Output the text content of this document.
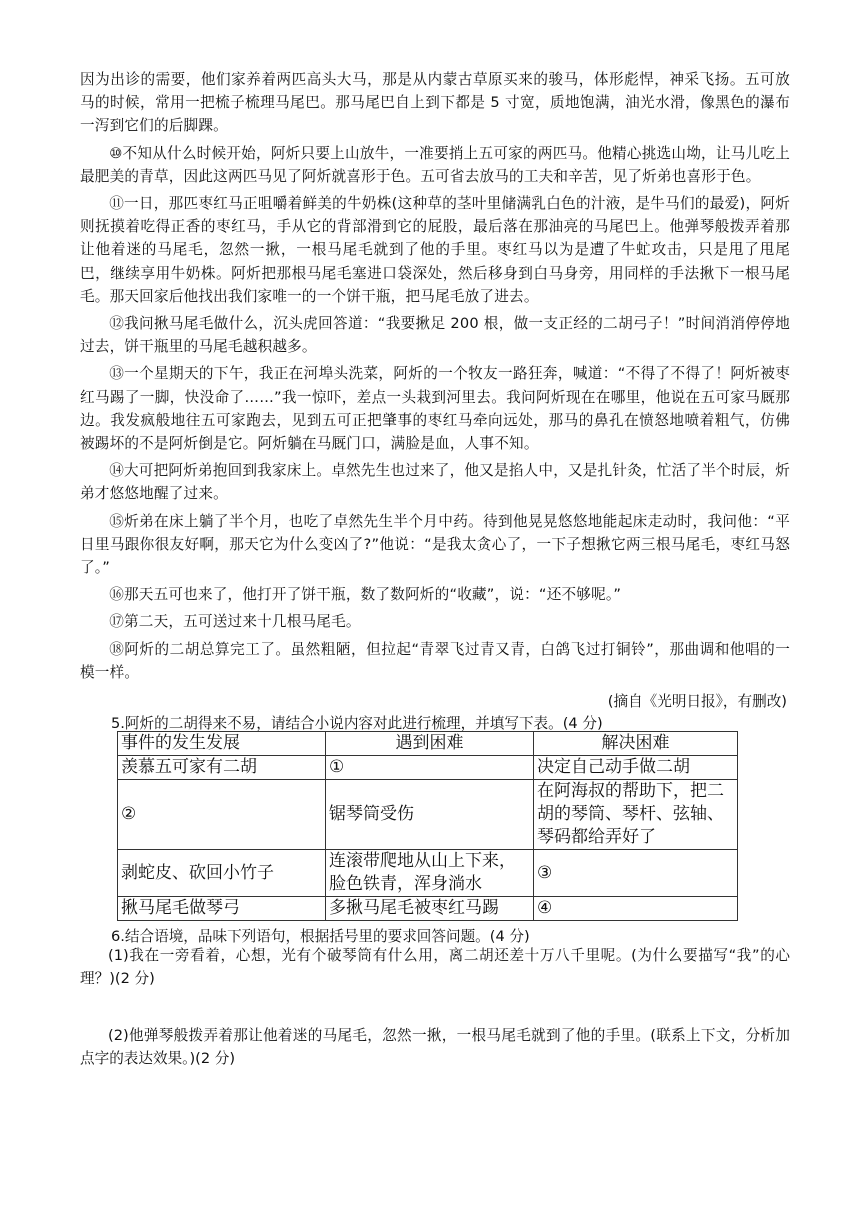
因为出诊的需要，他们家养着两匹高头大马，那是从内蒙古草原买来的骏马，体形彪悍，神采飞扬。五可放马的时候，常用一把梳子梳理马尾巴。那马尾巴自上到下都是 5 寸宽，质地饱满，油光水滑，像黑色的瀑布一泻到它们的后脚踝。

⑩不知从什么时候开始，阿炘只要上山放牛，一准要捎上五可家的两匹马。他精心挑选山坳，让马儿吃上最肥美的青草，因此这两匹马见了阿炘就喜形于色。五可省去放马的工夫和辛苦，见了炘弟也喜形于色。

⑪一日，那匹枣红马正咀嚼着鲜美的牛奶株(这种草的茎叶里储满乳白色的汁液，是牛马们的最爱)，阿炘则抚摸着吃得正香的枣红马，手从它的背部滑到它的屁股，最后落在那油亮的马尾巴上。他弹琴般拨弄着那让他着迷的马尾毛，忽然一揪，一根马尾毛就到了他的手里。枣红马以为是遭了牛虻攻击，只是甩了甩尾巴，继续享用牛奶株。阿炘把那根马尾毛塞进口袋深处，然后移身到白马身旁，用同样的手法揪下一根马尾毛。那天回家后他找出我们家唯一的一个饼干瓶，把马尾毛放了进去。

⑫我问揪马尾毛做什么，沉头虎回答道：“我要揪足 200 根，做一支正经的二胡弓子！”时间消消停停地过去，饼干瓶里的马尾毛越积越多。

⑬一个星期天的下午，我正在河埠头洗菜，阿炘的一个牧友一路狂奔，喊道：“不得了不得了！阿炘被枣红马踢了一脚，快没命了……”我一惊吓，差点一头栽到河里去。我问阿炘现在在哪里，他说在五可家马厩那边。我发疯般地往五可家跑去，见到五可正把肇事的枣红马牵向远处，那马的鼻孔在愤怒地喷着粗气，仿佛被踢坏的不是阿炘倒是它。阿炘躺在马厩门口，满脸是血，人事不知。

⑭大可把阿炘弟抱回到我家床上。卓然先生也过来了，他又是掐人中，又是扎针灸，忙活了半个时辰，炘弟才悠悠地醒了过来。

⑮炘弟在床上躺了半个月，也吃了卓然先生半个月中药。待到他晃晃悠悠地能起床走动时，我问他：“平日里马跟你很友好啊，那天它为什么变凶了?”他说：“是我太贪心了，一下子想揪它两三根马尾毛，枣红马怒了。”

⑯那天五可也来了，他打开了饼干瓶，数了数阿炘的“收藏”，说：“还不够呢。”

⑰第二天，五可送过来十几根马尾毛。

⑱阿炘的二胡总算完工了。虽然粗陋，但拉起“青翠飞过青又青，白鸽飞过打铜铃”，那曲调和他唱的一模一样。

(摘自《光明日报》，有删改)

5.阿炘的二胡得来不易，请结合小说内容对此进行梳理，并填写下表。(4 分)

事件的发生发展	遇到困难	解决困难
羡慕五可家有二胡	①	决定自己动手做二胡
②	锯琴筒受伤	在阿海叔的帮助下，把二胡的琴筒、琴杆、弦轴、琴码都给弄好了
剥蛇皮、砍回小竹子	连滚带爬地从山上下来，脸色铁青，浑身淌水	③
揪马尾毛做琴弓	多揪马尾毛被枣红马踢	④

6.结合语境，品味下列语句，根据括号里的要求回答问题。(4 分)

(1)我在一旁看着，心想，光有个破琴筒有什么用，离二胡还差十万八千里呢。(为什么要描写“我”的心理？)(2 分)

(2)他弹琴般拨弄着那让他着迷的马尾毛，忽然一揪，一根马尾毛就到了他的手里。(联系上下文，分析加点字的表达效果。)(2 分)
